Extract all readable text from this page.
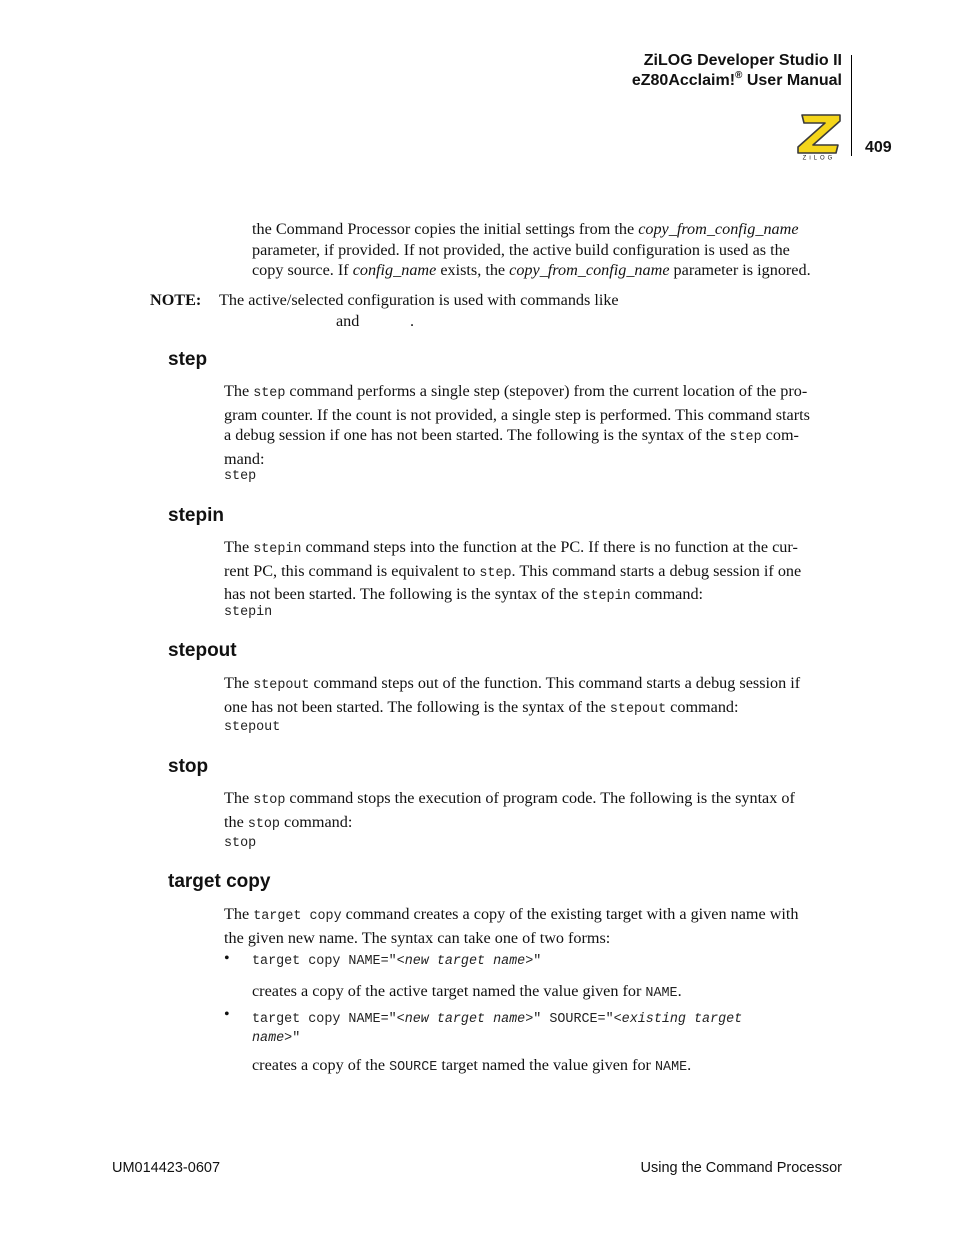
ZiLOG Developer Studio II
eZ80Acclaim!® User Manual
409
ZiLOG
the Command Processor copies the initial settings from the copy_from_config_name
parameter, if provided. If not provided, the active build configuration is used as the
copy source. If config_name exists, the copy_from_config_name parameter is ignored.
NOTE: The active/selected configuration is used with commands like
and	.
step
The step command performs a single step (stepover) from the current location of the pro-
gram counter. If the count is not provided, a single step is performed. This command starts
a debug session if one has not been started. The following is the syntax of the step com-
mand:
step
stepin
The stepin command steps into the function at the PC. If there is no function at the cur-
rent PC, this command is equivalent to step. This command starts a debug session if one
has not been started. The following is the syntax of the stepin command:
stepin
stepout
The stepout command steps out of the function. This command starts a debug session if
one has not been started. The following is the syntax of the stepout command:
stepout
stop
The stop command stops the execution of program code. The following is the syntax of
the stop command:
stop
target copy
The target copy command creates a copy of the existing target with a given name with
the given new name. The syntax can take one of two forms:
• target copy NAME="<new target name>"
creates a copy of the active target named the value given for NAME.
• target copy NAME="<new target name>" SOURCE="<existing target
name>"
creates a copy of the SOURCE target named the value given for NAME.
UM014423-0607	Using the Command Processor
